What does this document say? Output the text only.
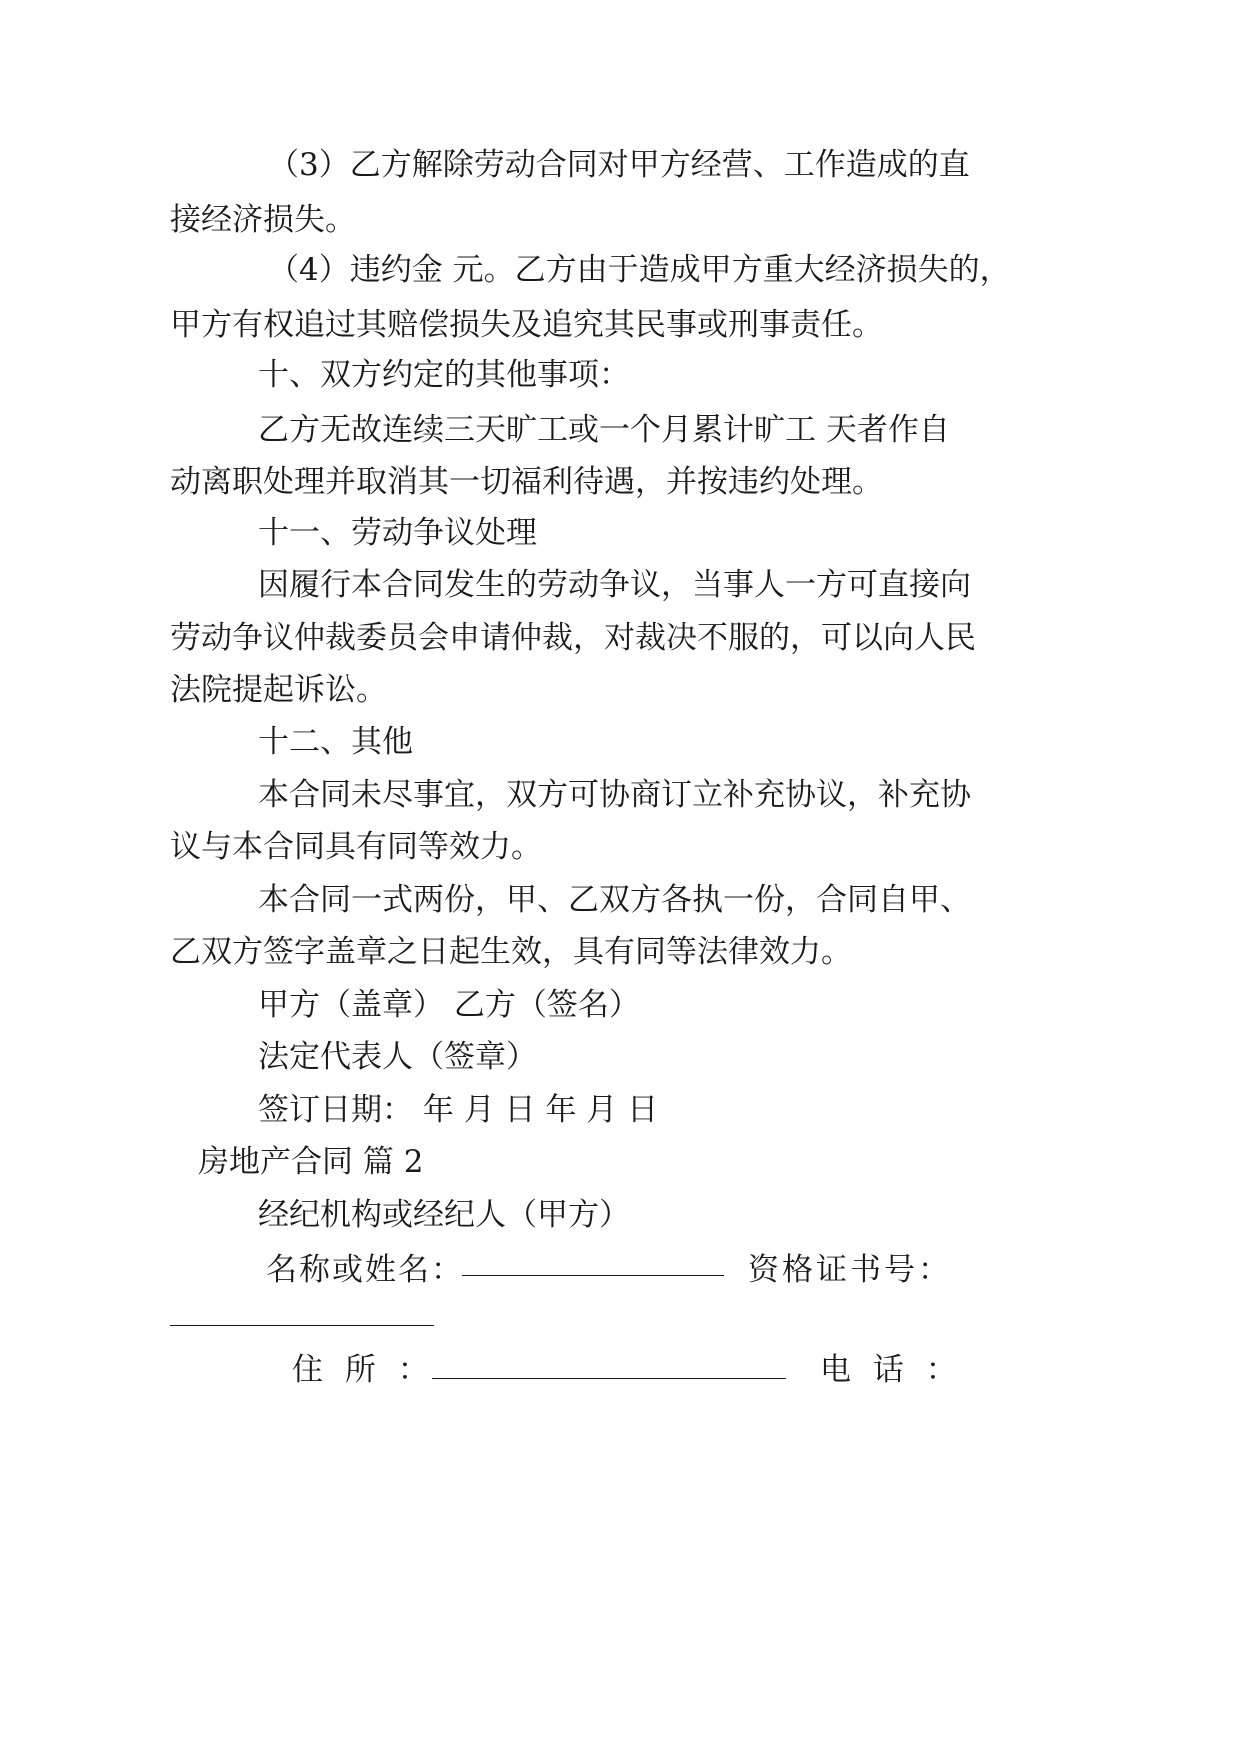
（3）乙方解除劳动合同对甲方经营、工作造成的直
接经济损失。
（4）违约金 元。乙方由于造成甲方重大经济损失的，
甲方有权追过其赔偿损失及追究其民事或刑事责任。
十、双方约定的其他事项：
乙方无故连续三天旷工或一个月累计旷工 天者作自
动离职处理并取消其一切福利待遇，并按违约处理。
十一、劳动争议处理
因履行本合同发生的劳动争议，当事人一方可直接向
劳动争议仲裁委员会申请仲裁，对裁决不服的，可以向人民
法院提起诉讼。
十二、其他
本合同未尽事宜，双方可协商订立补充协议，补充协
议与本合同具有同等效力。
本合同一式两份，甲、乙双方各执一份，合同自甲、
乙双方签字盖章之日起生效，具有同等法律效力。
甲方（盖章） 乙方（签名）
法定代表人（签章）
签订日期： 年 月 日 年 月 日
房地产合同 篇 2
经纪机构或经纪人（甲方）
名称或姓名：	资格证书号：
住 所 ：	电 话 ：
